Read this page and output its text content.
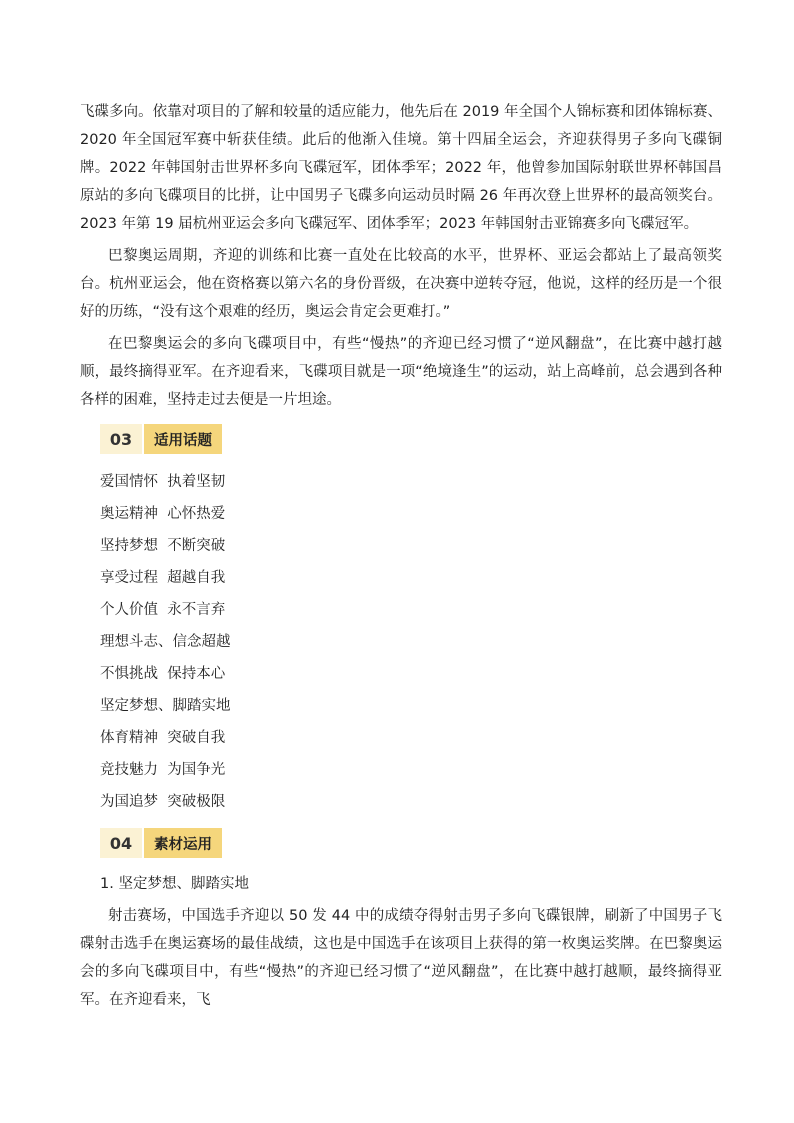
飞碟多向。依靠对项目的了解和较量的适应能力，他先后在 2019 年全国个人锦标赛和团体锦标赛、2020 年全国冠军赛中斩获佳绩。此后的他渐入佳境。第十四届全运会，齐迎获得男子多向飞碟铜牌。2022 年韩国射击世界杯多向飞碟冠军，团体季军；2022 年，他曾参加国际射联世界杯韩国昌原站的多向飞碟项目的比拼，让中国男子飞碟多向运动员时隔 26 年再次登上世界杯的最高领奖台。2023 年第 19 届杭州亚运会多向飞碟冠军、团体季军；2023 年韩国射击亚锦赛多向飞碟冠军。

巴黎奥运周期，齐迎的训练和比赛一直处在比较高的水平，世界杯、亚运会都站上了最高领奖台。杭州亚运会，他在资格赛以第六名的身份晋级，在决赛中逆转夺冠，他说，这样的经历是一个很好的历练，“没有这个艰难的经历，奥运会肯定会更难打。”

在巴黎奥运会的多向飞碟项目中，有些“慢热”的齐迎已经习惯了“逆风翻盘”，在比赛中越打越顺，最终摘得亚军。在齐迎看来，飞碟项目就是一项“绝境逢生”的运动，站上高峰前，总会遇到各种各样的困难，坚持走过去便是一片坦途。

03	适用话题
爱国情怀  执着坚韧
奥运精神  心怀热爱
坚持梦想  不断突破
享受过程  超越自我
个人价值  永不言弃
理想斗志、信念超越
不惧挑战  保持本心
坚定梦想、脚踏实地
体育精神  突破自我
竞技魅力  为国争光
为国追梦  突破极限
04	素材运用
1. 坚定梦想、脚踏实地

射击赛场，中国选手齐迎以 50 发 44 中的成绩夺得射击男子多向飞碟银牌，刷新了中国男子飞碟射击选手在奥运赛场的最佳战绩，这也是中国选手在该项目上获得的第一枚奥运奖牌。在巴黎奥运会的多向飞碟项目中，有些“慢热”的齐迎已经习惯了“逆风翻盘”，在比赛中越打越顺，最终摘得亚军。在齐迎看来，飞
